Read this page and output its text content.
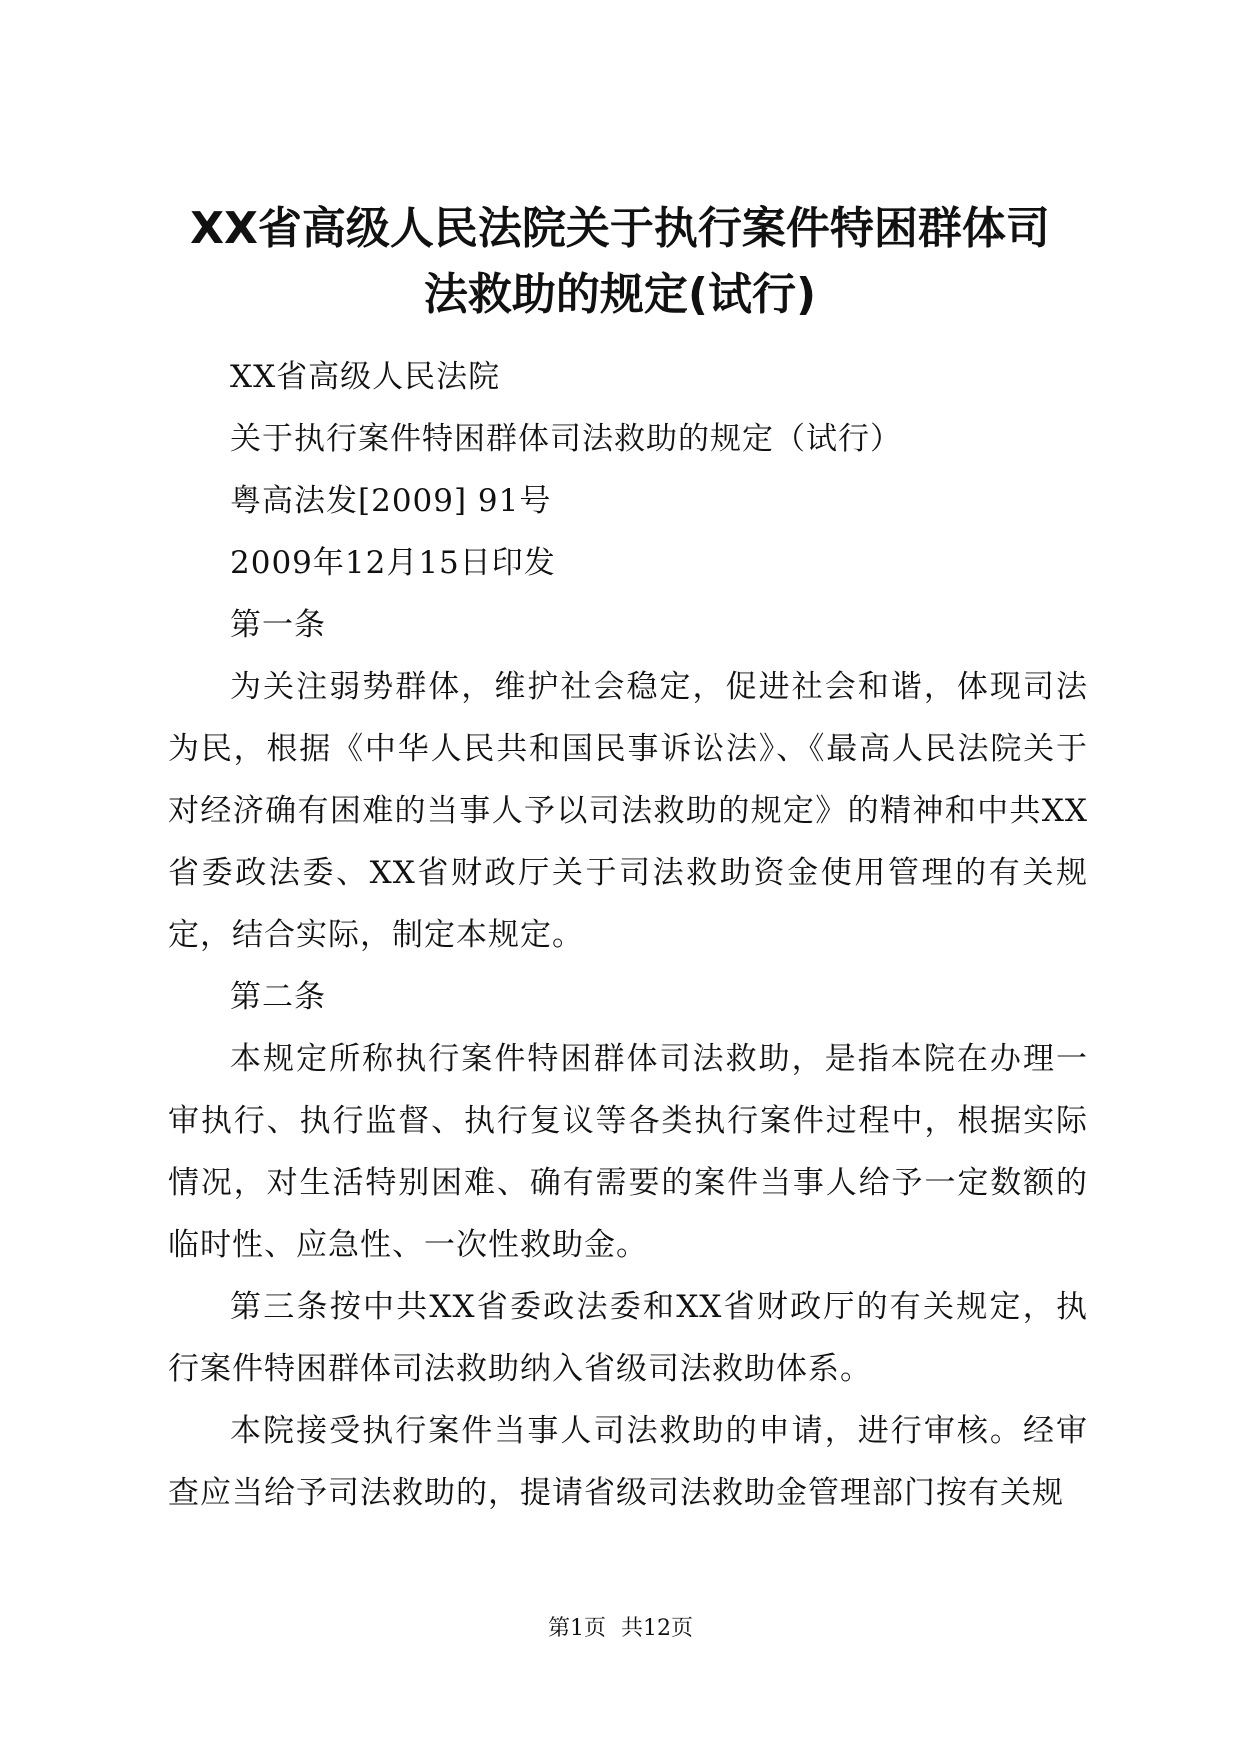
XX省高级人民法院关于执行案件特困群体司
法救助的规定(试行)

XX省高级人民法院

关于执行案件特困群体司法救助的规定（试行）

粤高法发[2009] 91号

2009年12月15日印发

第一条

为关注弱势群体，维护社会稳定，促进社会和谐，体现司法为民，根据《中华人民共和国民事诉讼法》、《最高人民法院关于对经济确有困难的当事人予以司法救助的规定》的精神和中共XX省委政法委、XX省财政厅关于司法救助资金使用管理的有关规定，结合实际，制定本规定。

第二条

本规定所称执行案件特困群体司法救助，是指本院在办理一审执行、执行监督、执行复议等各类执行案件过程中，根据实际情况，对生活特别困难、确有需要的案件当事人给予一定数额的临时性、应急性、一次性救助金。

第三条按中共XX省委政法委和XX省财政厅的有关规定，执行案件特困群体司法救助纳入省级司法救助体系。

本院接受执行案件当事人司法救助的申请，进行审核。经审查应当给予司法救助的，提请省级司法救助金管理部门按有关规

第1页 共12页
